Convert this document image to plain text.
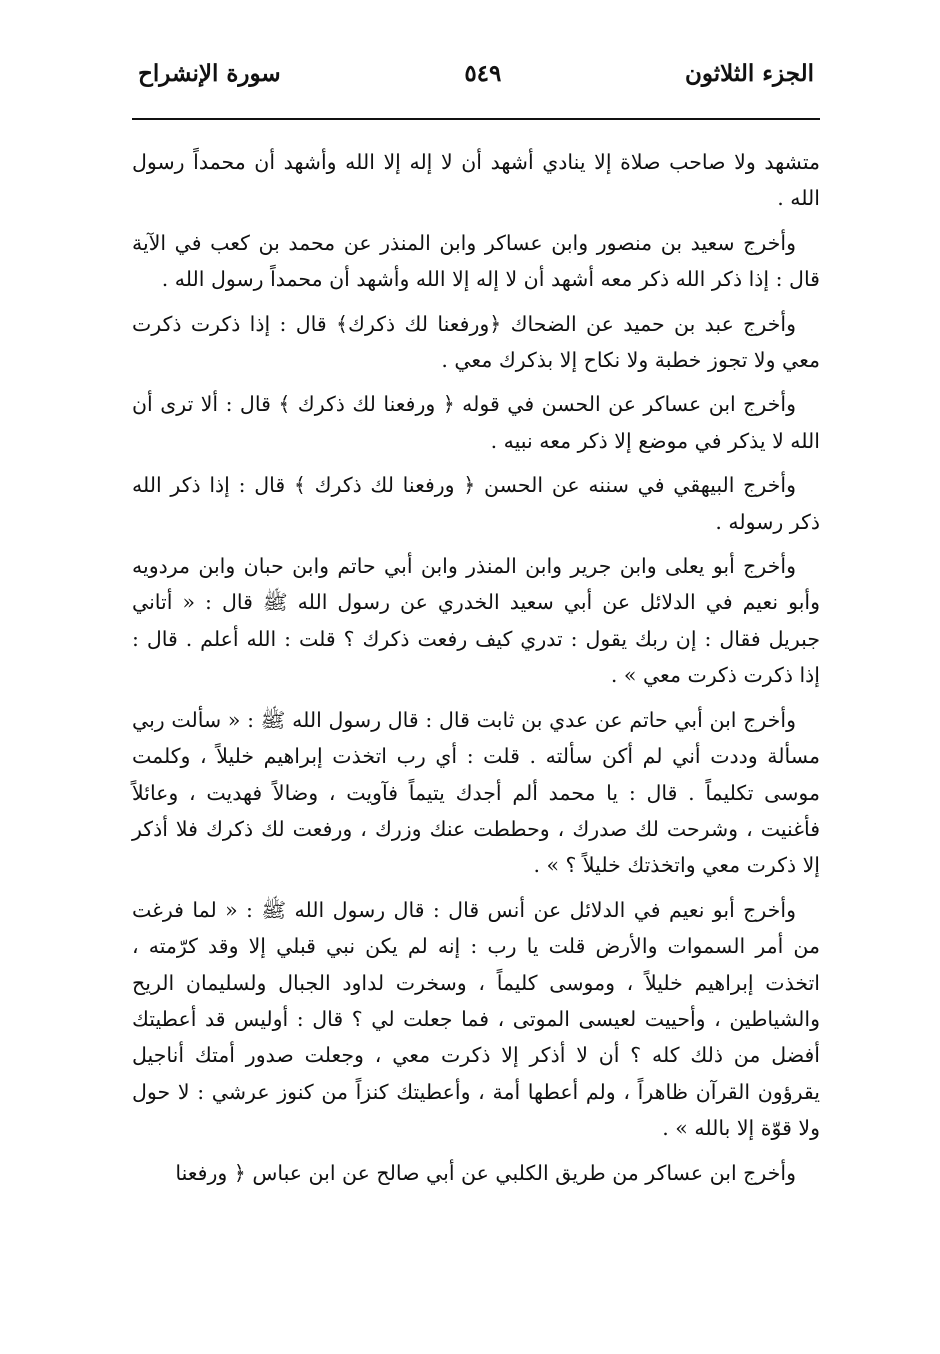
الجزء الثلاثون
٥٤٩
سورة الإنشراح

متشهد ولا صاحب صلاة إلا ينادي أشهد أن لا إله إلا الله وأشهد أن محمداً رسول الله .

وأخرج سعيد بن منصور وابن عساكر وابن المنذر عن محمد بن كعب في الآية قال : إذا ذكر الله ذكر معه أشهد أن لا إله إلا الله وأشهد أن محمداً رسول الله .

وأخرج عبد بن حميد عن الضحاك ﴿ورفعنا لك ذكرك﴾ قال : إذا ذكرت ذكرت معي ولا تجوز خطبة ولا نكاح إلا بذكرك معي .

وأخرج ابن عساكر عن الحسن في قوله ﴿ ورفعنا لك ذكرك ﴾ قال : ألا ترى أن الله لا يذكر في موضع إلا ذكر معه نبيه .

وأخرج البيهقي في سننه عن الحسن ﴿ ورفعنا لك ذكرك ﴾ قال : إذا ذكر الله ذكر رسوله .

وأخرج أبو يعلى وابن جرير وابن المنذر وابن أبي حاتم وابن حبان وابن مردويه وأبو نعيم في الدلائل عن أبي سعيد الخدري عن رسول الله ﷺ قال : « أتاني جبريل فقال : إن ربك يقول : تدري كيف رفعت ذكرك ؟ قلت : الله أعلم . قال : إذا ذكرت ذكرت معي » .

وأخرج ابن أبي حاتم عن عدي بن ثابت قال : قال رسول الله ﷺ : « سألت ربي مسألة وددت أني لم أكن سألته . قلت : أي رب اتخذت إبراهيم خليلاً ، وكلمت موسى تكليماً . قال : يا محمد ألم أجدك يتيماً فآويت ، وضالاً فهديت ، وعائلاً فأغنيت ، وشرحت لك صدرك ، وحططت عنك وزرك ، ورفعت لك ذكرك فلا أذكر إلا ذكرت معي واتخذتك خليلاً ؟ » .

وأخرج أبو نعيم في الدلائل عن أنس قال : قال رسول الله ﷺ : « لما فرغت من أمر السموات والأرض قلت يا رب : إنه لم يكن نبي قبلي إلا وقد كرّمته ، اتخذت إبراهيم خليلاً ، وموسى كليماً ، وسخرت لداود الجبال ولسليمان الريح والشياطين ، وأحييت لعيسى الموتى ، فما جعلت لي ؟ قال : أوليس قد أعطيتك أفضل من ذلك كله ؟ أن لا أذكر إلا ذكرت معي ، وجعلت صدور أمتك أناجيل يقرؤون القرآن ظاهراً ، ولم أعطها أمة ، وأعطيتك كنزاً من كنوز عرشي : لا حول ولا قوّة إلا بالله » .

وأخرج ابن عساكر من طريق الكلبي عن أبي صالح عن ابن عباس ﴿ ورفعنا
